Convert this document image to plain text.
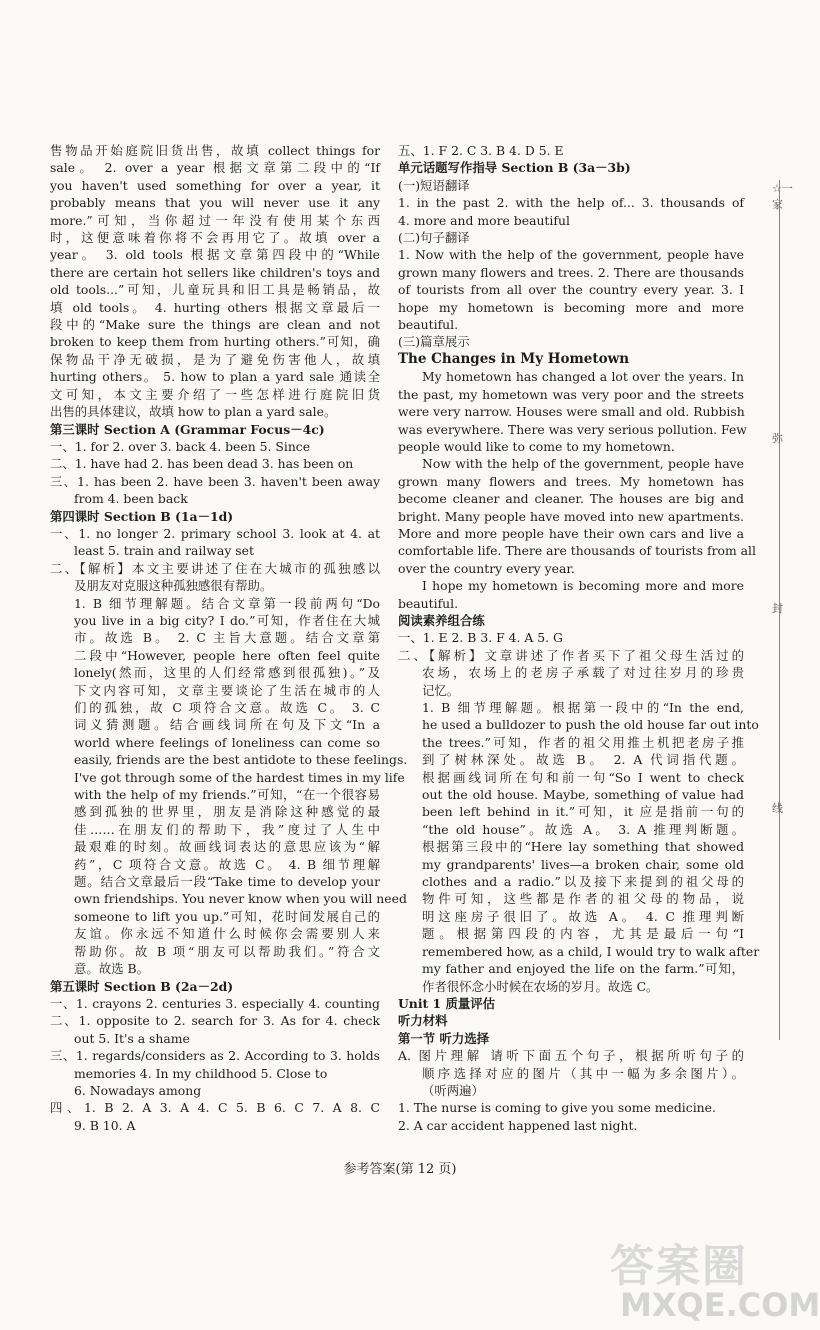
售物品开始庭院旧货出售，故填 collect things for
sale。 2. over a year 根据文章第二段中的“If
you haven't used something for over a year, it
probably means that you will never use it any
more.”可知，当你超过一年没有使用某个东西
时，这便意味着你将不会再用它了。故填 over a
year。 3. old tools 根据文章第四段中的“While
there are certain hot sellers like children's toys and
old tools...”可知，儿童玩具和旧工具是畅销品，故
填 old tools。 4. hurting others 根据文章最后一
段中的“Make sure the things are clean and not
broken to keep them from hurting others.”可知，确
保物品干净无破损，是为了避免伤害他人，故填
hurting others。 5. how to plan a yard sale 通读全
文可知，本文主要介绍了一些怎样进行庭院旧货
出售的具体建议，故填 how to plan a yard sale。
第三课时 Section A (Grammar Focus－4c)
一、1. for 2. over 3. back 4. been 5. Since
二、1. have had 2. has been dead 3. has been on
三、1. has been 2. have been 3. haven't been away
from 4. been back
第四课时 Section B (1a－1d)
一、1. no longer 2. primary school 3. look at 4. at
least 5. train and railway set
二、【解析】本文主要讲述了住在大城市的孤独感以
及朋友对克服这种孤独感很有帮助。
1. B 细节理解题。结合文章第一段前两句“Do
you live in a big city? I do.”可知，作者住在大城
市。故选 B。 2. C 主旨大意题。结合文章第
二段中“However, people here often feel quite
lonely(然而，这里的人们经常感到很孤独)。”及
下文内容可知，文章主要谈论了生活在城市的人
们的孤独，故 C 项符合文意。故选 C。 3. C
词义猜测题。结合画线词所在句及下文“In a
world where feelings of loneliness can come so
easily, friends are the best antidote to these feelings.
I've got through some of the hardest times in my life
with the help of my friends.”可知，“在一个很容易
感到孤独的世界里，朋友是消除这种感觉的最
佳……在朋友们的帮助下，我”度过了人生中
最艰难的时刻。故画线词表达的意思应该为“解
药”，C 项符合文意。故选 C。 4. B 细节理解
题。结合文章最后一段“Take time to develop your
own friendships. You never know when you will need
someone to lift you up.”可知，花时间发展自己的
友谊。你永远不知道什么时候你会需要别人来
帮助你。故 B 项“朋友可以帮助我们。”符合文
意。故选 B。
第五课时 Section B (2a－2d)
一、1. crayons 2. centuries 3. especially 4. counting
二、1. opposite to 2. search for 3. As for 4. check
out 5. It's a shame
三、1. regards/considers as 2. According to 3. holds
memories 4. In my childhood 5. Close to
6. Nowadays among
四、1. B 2. A 3. A 4. C 5. B 6. C 7. A 8. C
9. B 10. A
五、1. F 2. C 3. B 4. D 5. E
单元话题写作指导 Section B (3a－3b)
(一)短语翻译
1. in the past 2. with the help of... 3. thousands of
4. more and more beautiful
(二)句子翻译
1. Now with the help of the government, people have
grown many flowers and trees. 2. There are thousands
of tourists from all over the country every year. 3. I
hope my hometown is becoming more and more
beautiful.
(三)篇章展示
The Changes in My Hometown
My hometown has changed a lot over the years. In
the past, my hometown was very poor and the streets
were very narrow. Houses were small and old. Rubbish
was everywhere. There was very serious pollution. Few
people would like to come to my hometown.
Now with the help of the government, people have
grown many flowers and trees. My hometown has
become cleaner and cleaner. The houses are big and
bright. Many people have moved into new apartments.
More and more people have their own cars and live a
comfortable life. There are thousands of tourists from all
over the country every year.
I hope my hometown is becoming more and more
beautiful.
阅读素养组合练
一、1. E 2. B 3. F 4. A 5. G
二、【解析】文章讲述了作者买下了祖父母生活过的
农场，农场上的老房子承载了对过往岁月的珍贵
记忆。
1. B 细节理解题。根据第一段中的“In the end,
he used a bulldozer to push the old house far out into
the trees.”可知，作者的祖父用推土机把老房子推
到了树林深处。故选 B。 2. A 代词指代题。
根据画线词所在句和前一句“So I went to check
out the old house. Maybe, something of value had
been left behind in it.”可知，it 应是指前一句的
“the old house”。故选 A。 3. A 推理判断题。
根据第三段中的“Here lay something that showed
my grandparents' lives—a broken chair, some old
clothes and a radio.”以及接下来提到的祖父母的
物件可知，这些都是作者的祖父母的物品，说
明这座房子很旧了。故选 A。 4. C 推理判断
题。根据第四段的内容，尤其是最后一句“I
remembered how, as a child, I would try to walk after
my father and enjoyed the life on the farm.”可知，
作者很怀念小时候在农场的岁月。故选 C。
Unit 1 质量评估
听力材料
第一节 听力选择
A. 图片理解 请听下面五个句子，根据所听句子的
顺序选择对应的图片（其中一幅为多余图片）。
（听两遍）
1. The nurse is coming to give you some medicine.
2. A car accident happened last night.
☆一家
弥
封
线
参考答案(第 12 页)
答案圈
MXQE.COM
